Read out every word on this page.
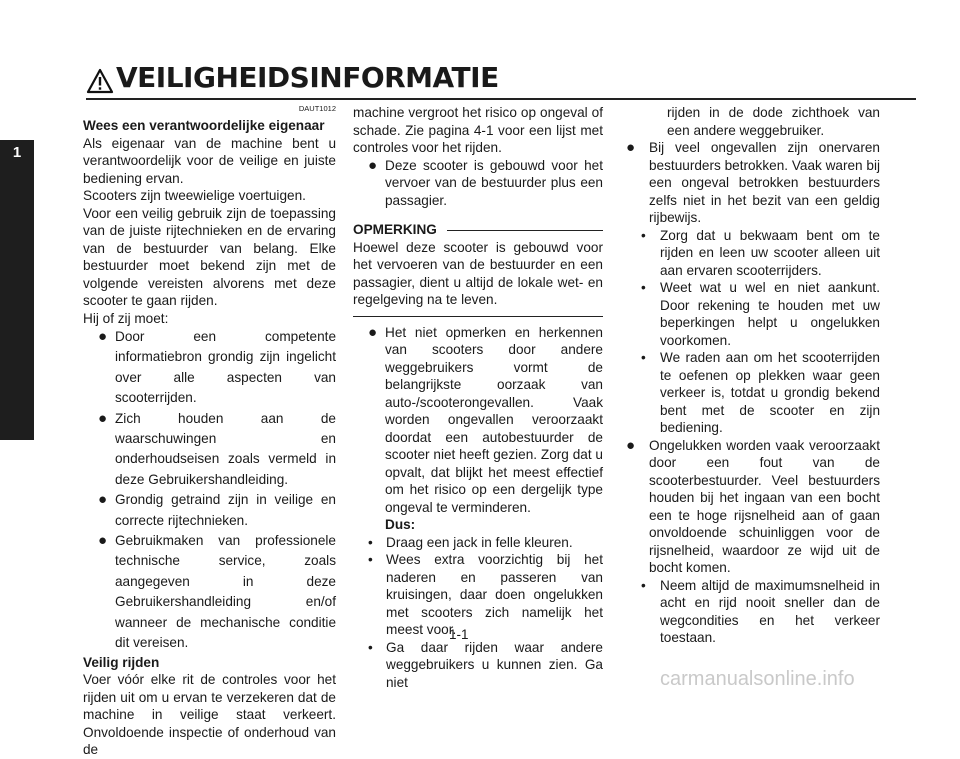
VEILIGHEIDSINFORMATIE
1
DAUT1012

Wees een verantwoordelijke eigenaar

Als eigenaar van de machine bent u verantwoordelijk voor de veilige en juiste bediening ervan.

Scooters zijn tweewielige voertuigen.

Voor een veilig gebruik zijn de toepassing van de juiste rijtechnieken en de ervaring van de bestuurder van belang. Elke bestuurder moet bekend zijn met de volgende vereisten alvorens met deze scooter te gaan rijden.

Hij of zij moet:

● Door een competente informatiebron grondig zijn ingelicht over alle aspecten van scooterrijden.
● Zich houden aan de waarschuwingen en onderhoudseisen zoals vermeld in deze Gebruikershandleiding.
● Grondig getraind zijn in veilige en correcte rijtechnieken.
● Gebruikmaken van professionele technische service, zoals aangegeven in deze Gebruikershandleiding en/of wanneer de mechanische conditie dit vereisen.

Veilig rijden

Voer vóór elke rit de controles voor het rijden uit om u ervan te verzekeren dat de machine in veilige staat verkeert. Onvoldoende inspectie of onderhoud van de

machine vergroot het risico op ongeval of schade. Zie pagina 4-1 voor een lijst met controles voor het rijden.

● Deze scooter is gebouwd voor het vervoer van de bestuurder plus een passagier.
OPMERKING

Hoewel deze scooter is gebouwd voor het vervoeren van de bestuurder en een passagier, dient u altijd de lokale wet- en regelgeving na te leven.

● Het niet opmerken en herkennen van scooters door andere weggebruikers vormt de belangrijkste oorzaak van auto-/scooterongevallen. Vaak worden ongevallen veroorzaakt doordat een autobestuurder de scooter niet heeft gezien. Zorg dat u opvalt, dat blijkt het meest effectief om het risico op een dergelijk type ongeval te verminderen.
Dus:
• Draag een jack in felle kleuren.
• Wees extra voorzichtig bij het naderen en passeren van kruisingen, daar doen ongelukken met scooters zich namelijk het meest voor.
• Ga daar rijden waar andere weggebruikers u kunnen zien. Ga niet

rijden in de dode zichthoek van een andere weggebruiker.

●	Bij veel ongevallen zijn onervaren bestuurders betrokken. Vaak waren bij een ongeval betrokken bestuurders zelfs niet in het bezit van een geldig rijbewijs.
•	Zorg dat u bekwaam bent om te rijden en leen uw scooter alleen uit aan ervaren scooterrijders.
•	Weet wat u wel en niet aankunt. Door rekening te houden met uw beperkingen helpt u ongelukken voorkomen.
•	We raden aan om het scooterrijden te oefenen op plekken waar geen verkeer is, totdat u grondig bekend bent met de scooter en zijn bediening.
●	Ongelukken worden vaak veroorzaakt door een fout van de scooterbestuurder. Veel bestuurders houden bij het ingaan van een bocht een te hoge rijsnelheid aan of gaan onvoldoende schuinliggen voor de rijsnelheid, waardoor ze wijd uit de bocht komen.
•	Neem altijd de maximumsnelheid in acht en rijd nooit sneller dan de wegcondities en het verkeer toestaan.
1-1
carmanualsonline.info
